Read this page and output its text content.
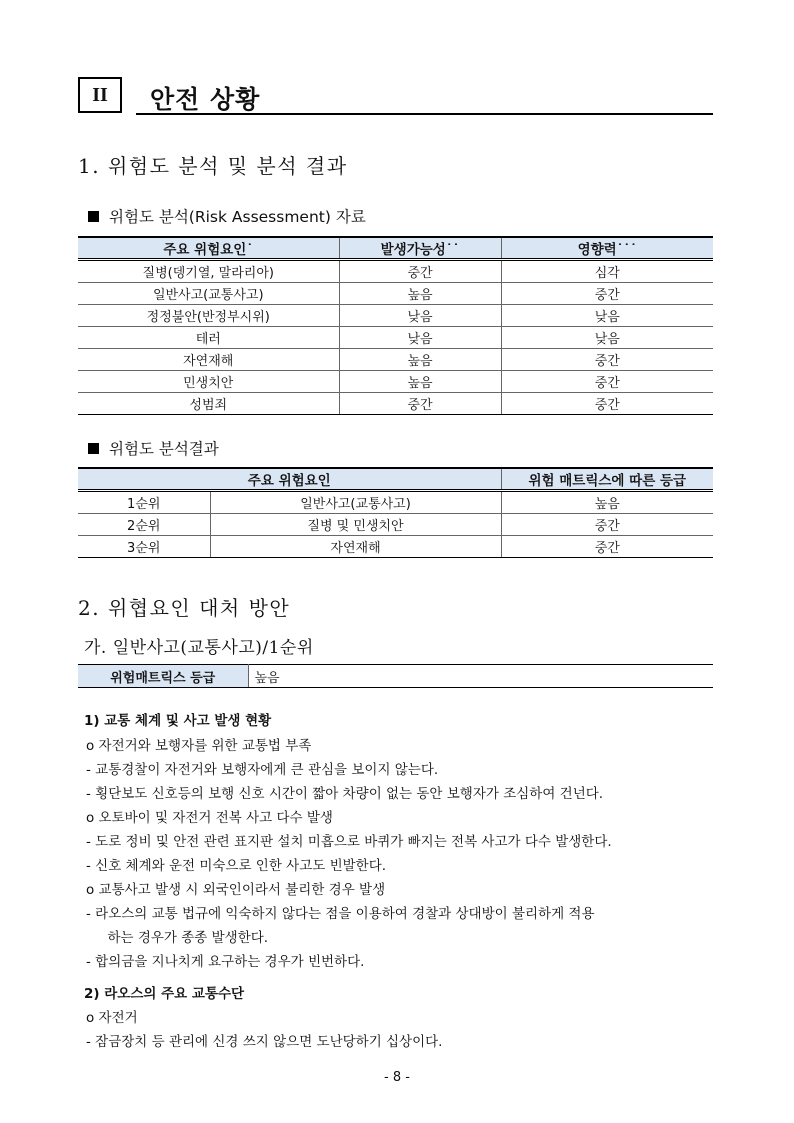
II 안전 상황
1. 위험도 분석 및 분석 결과
위험도 분석(Risk Assessment) 자료
주요 위험요인˙	발생가능성˙˙	영향력˙˙˙
질병(뎅기열, 말라리아)	중간	심각
일반사고(교통사고)	높음	중간
정정불안(반정부시위)	낮음	낮음
테러	낮음	낮음
자연재해	높음	중간
민생치안	높음	중간
성범죄	중간	중간
위험도 분석결과
주요 위험요인		위험 매트릭스에 따른 등급
1순위	일반사고(교통사고)	높음
2순위	질병 및 민생치안	중간
3순위	자연재해	중간
2. 위협요인 대처 방안
가. 일반사고(교통사고)/1순위
위험매트릭스 등급	높음
1) 교통 체계 및 사고 발생 현황
o 자전거와 보행자를 위한 교통법 부족
- 교통경찰이 자전거와 보행자에게 큰 관심을 보이지 않는다.
- 횡단보도 신호등의 보행 신호 시간이 짧아 차량이 없는 동안 보행자가 조심하여 건넌다.
o 오토바이 및 자전거 전복 사고 다수 발생
- 도로 정비 및 안전 관련 표지판 설치 미흡으로 바퀴가 빠지는 전복 사고가 다수 발생한다.
- 신호 체계와 운전 미숙으로 인한 사고도 빈발한다.
o 교통사고 발생 시 외국인이라서 불리한 경우 발생
- 라오스의 교통 법규에 익숙하지 않다는 점을 이용하여 경찰과 상대방이 불리하게 적용
하는 경우가 종종 발생한다.
- 합의금을 지나치게 요구하는 경우가 빈번하다.
2) 라오스의 주요 교통수단
o 자전거
- 잠금장치 등 관리에 신경 쓰지 않으면 도난당하기 십상이다.
- 8 -
